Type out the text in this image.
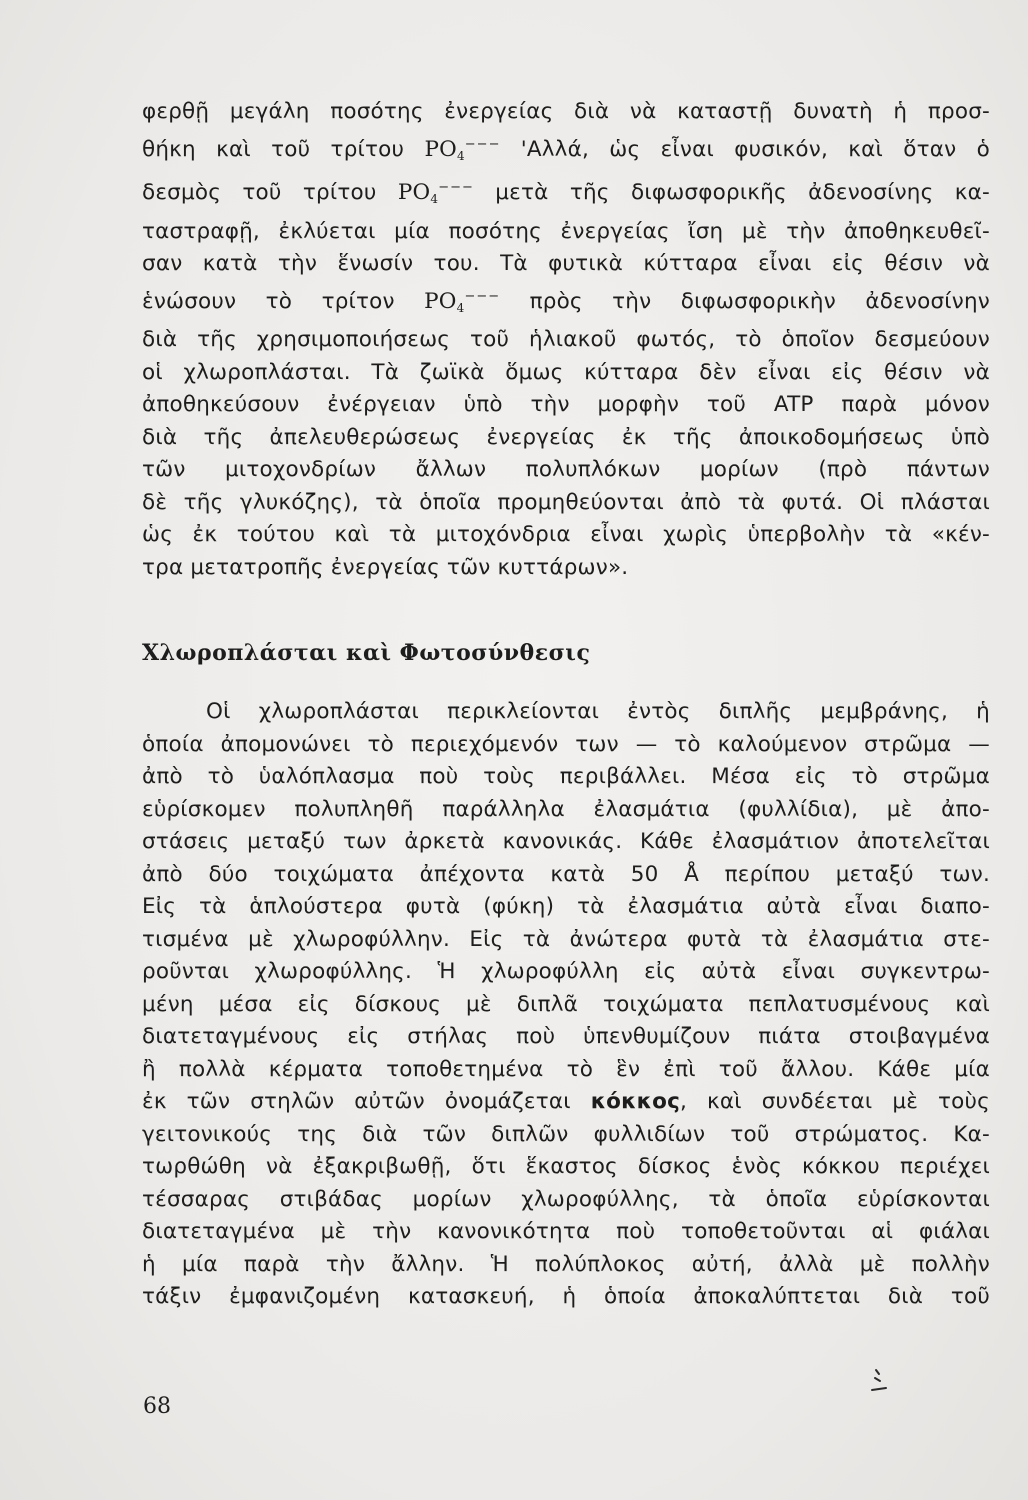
φερθῇ μεγάλη ποσότης ἐνεργείας διὰ νὰ καταστῇ δυνατὴ ἡ προσ-
θήκη καὶ τοῦ τρίτου $PO_4^{---}$ 'Αλλά, ὡς εἶναι φυσικόν, καὶ ὅταν ὁ
δεσμὸς τοῦ τρίτου $PO_4^{---}$ μετὰ τῆς διφωσφορικῆς ἀδενοσίνης κα-
ταστραφῇ, ἐκλύεται μία ποσότης ἐνεργείας ἴση μὲ τὴν ἀποθηκευθεῖ-
σαν κατὰ τὴν ἕνωσίν του. Τὰ φυτικὰ κύτταρα εἶναι εἰς θέσιν νὰ
ἑνώσουν τὸ τρίτον $PO_4^{---}$ πρὸς τὴν διφωσφορικὴν ἀδενοσίνην
διὰ τῆς χρησιμοποιήσεως τοῦ ἡλιακοῦ φωτός, τὸ ὁποῖον δεσμεύουν
οἱ χλωροπλάσται. Τὰ ζωϊκὰ ὅμως κύτταρα δὲν εἶναι εἰς θέσιν νὰ
ἀποθηκεύσουν ἐνέργειαν ὑπὸ τὴν μορφὴν τοῦ ATP παρὰ μόνον
διὰ τῆς ἀπελευθερώσεως ἐνεργείας ἐκ τῆς ἀποικοδομήσεως ὑπὸ
τῶν μιτοχονδρίων ἄλλων πολυπλόκων μορίων (πρὸ πάντων
δὲ τῆς γλυκόζης), τὰ ὁποῖα προμηθεύονται ἀπὸ τὰ φυτά. Οἱ πλάσται
ὡς ἐκ τούτου καὶ τὰ μιτοχόνδρια εἶναι χωρὶς ὑπερβολὴν τὰ «κέν-
τρα μετατροπῆς ἐνεργείας τῶν κυττάρων».
Χλωροπλάσται καὶ Φωτοσύνθεσις
Οἱ χλωροπλάσται περικλείονται ἐντὸς διπλῆς μεμβράνης, ἡ
ὁποία ἀπομονώνει τὸ περιεχόμενόν των — τὸ καλούμενον στρῶμα —
ἀπὸ τὸ ὑαλόπλασμα ποὺ τοὺς περιβάλλει. Μέσα εἰς τὸ στρῶμα
εὑρίσκομεν πολυπληθῆ παράλληλα ἐλασμάτια (φυλλίδια), μὲ ἀπο-
στάσεις μεταξύ των ἀρκετὰ κανονικάς. Κάθε ἐλασμάτιον ἀποτελεῖται
ἀπὸ δύο τοιχώματα ἀπέχοντα κατὰ 50 Å περίπου μεταξύ των.
Εἰς τὰ ἁπλούστερα φυτὰ (φύκη) τὰ ἐλασμάτια αὐτὰ εἶναι διαπο-
τισμένα μὲ χλωροφύλλην. Εἰς τὰ ἀνώτερα φυτὰ τὰ ἐλασμάτια στε-
ροῦνται χλωροφύλλης. Ἡ χλωροφύλλη εἰς αὐτὰ εἶναι συγκεντρω-
μένη μέσα εἰς δίσκους μὲ διπλᾶ τοιχώματα πεπλατυσμένους καὶ
διατεταγμένους εἰς στήλας ποὺ ὑπενθυμίζουν πιάτα στοιβαγμένα
ἢ πολλὰ κέρματα τοποθετημένα τὸ ἓν ἐπὶ τοῦ ἄλλου. Κάθε μία
ἐκ τῶν στηλῶν αὐτῶν ὀνομάζεται κόκκος, καὶ συνδέεται μὲ τοὺς
γειτονικούς της διὰ τῶν διπλῶν φυλλιδίων τοῦ στρώματος. Κα-
τωρθώθη νὰ ἐξακριβωθῇ, ὅτι ἕκαστος δίσκος ἑνὸς κόκκου περιέχει
τέσσαρας στιβάδας μορίων χλωροφύλλης, τὰ ὁποῖα εὑρίσκονται
διατεταγμένα μὲ τὴν κανονικότητα ποὺ τοποθετοῦνται αἱ φιάλαι
ἡ μία παρὰ τὴν ἄλλην. Ἡ πολύπλοκος αὐτή, ἀλλὰ μὲ πολλὴν
τάξιν ἐμφανιζομένη κατασκευή, ἡ ὁποία ἀποκαλύπτεται διὰ τοῦ
68
